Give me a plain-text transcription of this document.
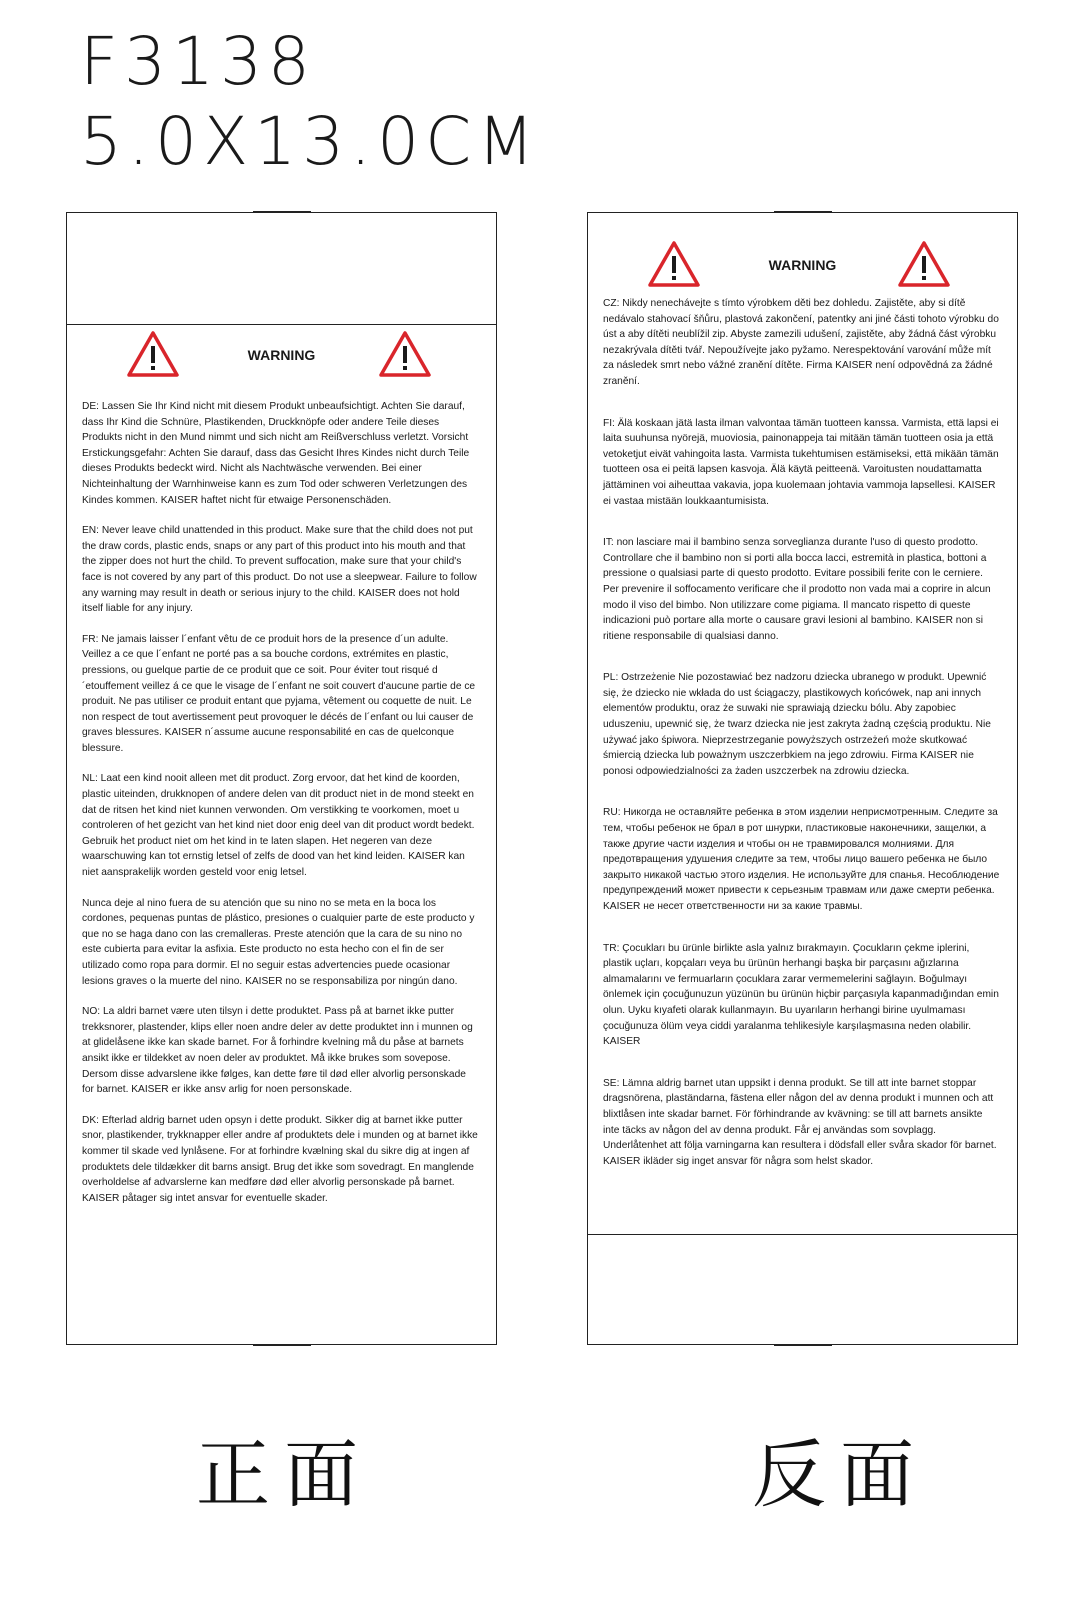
F3138
5.0X13.0CM
WARNING

DE: Lassen Sie Ihr Kind nicht mit diesem Produkt unbeaufsichtigt. Achten Sie darauf, dass Ihr Kind die Schnüre, Plastikenden, Druckknöpfe oder andere Teile dieses Produkts nicht in den Mund nimmt und sich nicht am Reißverschluss verletzt. Vorsicht Erstickungsgefahr: Achten Sie darauf, dass das Gesicht Ihres Kindes nicht durch Teile dieses Produkts bedeckt wird. Nicht als Nachtwäsche verwenden. Bei einer Nichteinhaltung der Warnhinweise kann es zum Tod oder schweren Verletzungen des Kindes kommen. KAISER haftet nicht für etwaige Personenschäden.

EN: Never leave child unattended in this product. Make sure that the child does not put the draw cords, plastic ends, snaps or any part of this product into his mouth and that the zipper does not hurt the child. To prevent suffocation, make sure that your child's face is not covered by any part of this product. Do not use a sleepwear. Failure to follow any warning may result in death or serious injury to the child. KAISER does not hold itself liable for any injury.

FR: Ne jamais laisser l´enfant vêtu de ce produit hors de la presence d´un adulte. Veillez a ce que l´enfant ne porté pas a sa bouche cordons, extrémites en plastic, pressions, ou guelque partie de ce produit que ce soit. Pour éviter tout risqué d´etouffement veillez á ce que le visage de l´enfant ne soit couvert d'aucune partie de ce produit. Ne pas utiliser ce produit entant que pyjama, vêtement ou coquette de nuit. Le non respect de tout avertissement peut provoquer le décés de l´enfant ou lui causer de graves blessures. KAISER n´assume aucune responsabilité en cas de quelconque blessure.

NL: Laat een kind nooit alleen met dit product. Zorg ervoor, dat het kind de koorden, plastic uiteinden, drukknopen of andere delen van dit product niet in de mond steekt en dat de ritsen het kind niet kunnen verwonden. Om verstikking te voorkomen, moet u controleren of het gezicht van het kind niet door enig deel van dit product wordt bedekt. Gebruik het product niet om het kind in te laten slapen. Het negeren van deze waarschuwing kan tot ernstig letsel of zelfs de dood van het kind leiden. KAISER kan niet aansprakelijk worden gesteld voor enig letsel.

Nunca deje al nino fuera de su atención que su nino no se meta en la boca los cordones, pequenas puntas de plástico, presiones o cualquier parte de este producto y que no se haga dano con las cremalleras. Preste atención que la cara de su nino no este cubierta para evitar la asfixia. Este producto no esta hecho con el fin de ser utilizado como ropa para dormir. El no seguir estas advertencies puede ocasionar lesions graves o la muerte del nino. KAISER no se responsabiliza por ningún dano.

NO: La aldri barnet være uten tilsyn i dette produktet. Pass på at barnet ikke putter trekksnorer, plastender, klips eller noen andre deler av dette produktet inn i munnen og at glidelåsene ikke kan skade barnet. For å forhindre kvelning må du påse at barnets ansikt ikke er tildekket av noen deler av produktet. Må ikke brukes som sovepose. Dersom disse advarslene ikke følges, kan dette føre til død eller alvorlig personskade for barnet. KAISER er ikke ansv arlig for noen personskade.

DK: Efterlad aldrig barnet uden opsyn i dette produkt. Sikker dig at barnet ikke putter snor, plastikender, trykknapper eller andre af produktets dele i munden og at barnet ikke kommer til skade ved lynlåsene. For at forhindre kvælning skal du sikre dig at ingen af produktets dele tildækker dit barns ansigt. Brug det ikke som sovedragt. En manglende overholdelse af advarslerne kan medføre død eller alvorlig personskade på barnet. KAISER påtager sig intet ansvar for eventuelle skader.

WARNING

CZ: Nikdy nenechávejte s tímto výrobkem děti bez dohledu. Zajistěte, aby si dítě nedávalo stahovací šňůru, plastová zakončení, patentky ani jiné části tohoto výrobku do úst a aby dítěti neublížil zip. Abyste zamezili udušení, zajistěte, aby žádná část výrobku nezakrývala dítěti tvář. Nepoužívejte jako pyžamo. Nerespektování varování může mít za následek smrt nebo vážné zranění dítěte. Firma KAISER není odpovědná za žádné zranění.

FI: Älä koskaan jätä lasta ilman valvontaa tämän tuotteen kanssa. Varmista, että lapsi ei laita suuhunsa nyörejä, muoviosia, painonappeja tai mitään tämän tuotteen osia ja että vetoketjut eivät vahingoita lasta. Varmista tukehtumisen estämiseksi, että mikään tämän tuotteen osa ei peitä lapsen kasvoja. Älä käytä peitteenä. Varoitusten noudattamatta jättäminen voi aiheuttaa vakavia, jopa kuolemaan johtavia vammoja lapsellesi. KAISER ei vastaa mistään loukkaantumisista.

IT: non lasciare mai il bambino senza sorveglianza durante l'uso di questo prodotto. Controllare che il bambino non si porti alla bocca lacci, estremità in plastica, bottoni a pressione o qualsiasi parte di questo prodotto. Evitare possibili ferite con le cerniere. Per prevenire il soffocamento verificare che il prodotto non vada mai a coprire in alcun modo il viso del bimbo. Non utilizzare come pigiama. Il mancato rispetto di queste indicazioni può portare alla morte o causare gravi lesioni al bambino. KAISER non si ritiene responsabile di qualsiasi danno.

PL: Ostrzeżenie Nie pozostawiać bez nadzoru dziecka ubranego w produkt. Upewnić się, że dziecko nie wkłada do ust ściągaczy, plastikowych końcówek, nap ani innych elementów produktu, oraz że suwaki nie sprawiają dziecku bólu. Aby zapobiec uduszeniu, upewnić się, że twarz dziecka nie jest zakryta żadną częścią produktu. Nie używać jako śpiwora. Nieprzestrzeganie powyższych ostrzeżeń może skutkować śmiercią dziecka lub poważnym uszczerbkiem na jego zdrowiu. Firma KAISER nie ponosi odpowiedzialności za żaden uszczerbek na zdrowiu dziecka.

RU: Никогда не оставляйте ребенка в этом изделии неприсмотренным. Следите за тем, чтобы ребенок не брал в рот шнурки, пластиковые наконечники, защелки, а также другие части изделия и чтобы он не травмировался молниями. Для предотвращения удушения следите за тем, чтобы лицо вашего ребенка не было закрыто никакой частью этого изделия. Не используйте для спанья. Несоблюдение предупреждений может привести к серьезным травмам или даже смерти ребенка. KAISER не несет ответственности ни за какие травмы.

TR: Çocukları bu ürünle birlikte asla yalnız bırakmayın. Çocukların çekme iplerini, plastik uçları, kopçaları veya bu ürünün herhangi başka bir parçasını ağızlarına almamalarını ve fermuarların çocuklara zarar vermemelerini sağlayın. Boğulmayı önlemek için çocuğunuzun yüzünün bu ürünün hiçbir parçasıyla kapanmadığından emin olun. Uyku kıyafeti olarak kullanmayın. Bu uyarıların herhangi birine uyulmaması çocuğunuza ölüm veya ciddi yaralanma tehlikesiyle karşılaşmasına neden olabilir. KAISER

SE: Lämna aldrig barnet utan uppsikt i denna produkt. Se till att inte barnet stoppar dragsnörena, plaständarna, fästena eller någon del av denna produkt i munnen och att blixtlåsen inte skadar barnet. För förhindrande av kvävning: se till att barnets ansikte inte täcks av någon del av denna produkt. Får ej användas som sovplagg. Underlåtenhet att följa varningarna kan resultera i dödsfall eller svåra skador för barnet. KAISER ikläder sig inget ansvar för några som helst skador.

正面	反面
